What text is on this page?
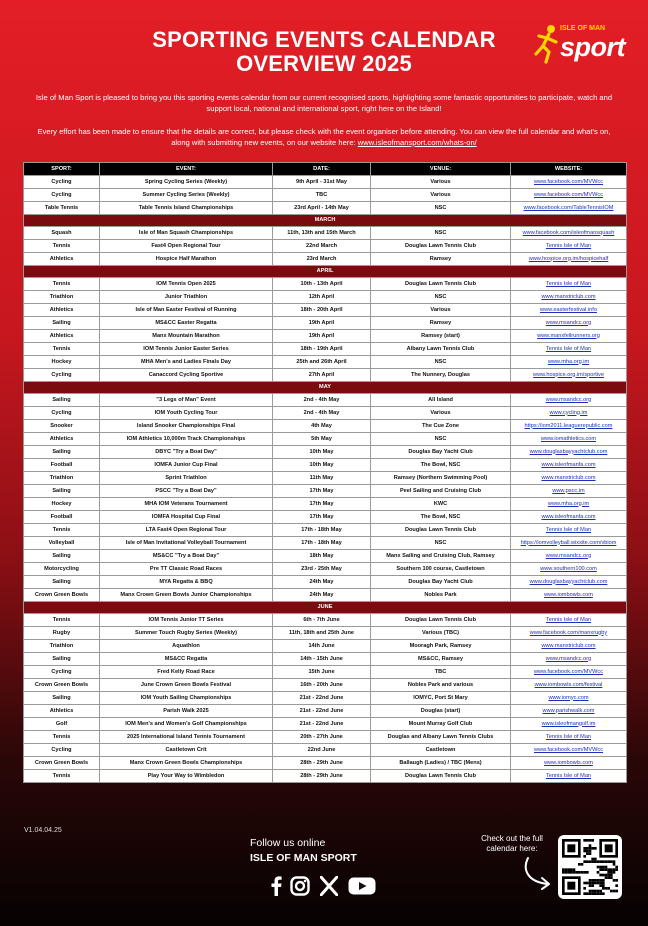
SPORTING EVENTS CALENDAR
OVERVIEW 2025
ISLE OF MAN
sport
Isle of Man Sport is pleased to bring you this sporting events calendar from our current recognised sports, highlighting some fantastic opportunities to participate, watch and support local, national and international sport, right here on the Island!
Every effort has been made to ensure that the details are correct, but please check with the event organiser before attending. You can view the full calendar and what's on, along with submitting new events, on our website here: www.isleofmansport.com/whats-on/
SPORT:	EVENT:	DATE:	VENUE:	WEBSITE:
Cycling	Spring Cycling Series (Weekly)	9th April - 31st May	Various	www.facebook.com/MVWcc
Cycling	Summer Cycling Series (Weekly)	TBC	Various	www.facebook.com/MVWcc
Table Tennis	Table Tennis Island Championships	23rd April - 14th May	NSC	www.facebook.com/TableTennisIOM
MARCH				
Squash	Isle of Man Squash Championships	11th, 13th and 15th March	NSC	www.facebook.com/isleofmansquash
Tennis	Fast4 Open Regional Tour	22nd March	Douglas Lawn Tennis Club	Tennis Isle of Man
Athletics	Hospice Half Marathon	23rd March	Ramsey	www.hospice.org.im/hospicehalf
APRIL				
Tennis	IOM Tennis Open 2025	10th - 13th April	Douglas Lawn Tennis Club	Tennis Isle of Man
Triathlon	Junior Triathlon	12th April	NSC	www.manxtriclub.com
Athletics	Isle of Man Easter Festival of Running	18th - 20th April	Various	www.easterfestival.info
Sailing	MS&CC Easter Regatta	19th April	Ramsey	www.msandcc.org
Athletics	Manx Mountain Marathon	19th April	Ramsey (start)	www.manxfellrunners.org
Tennis	IOM Tennis Junior Easter Series	18th - 19th April	Albany Lawn Tennis Club	Tennis Isle of Man
Hockey	MHA Men's and Ladies Finals Day	25th and 26th April	NSC	www.mha.org.im
Cycling	Canaccord Cycling Sportive	27th April	The Nunnery, Douglas	www.hospice.org.im/sportive
MAY				
Sailing	"3 Legs of Man" Event	2nd - 4th May	All Island	www.msandcc.org
Cycling	IOM Youth Cycling Tour	2nd - 4th May	Various	www.cycling.im
Snooker	Island Snooker Championships Final	4th May	The Cue Zone	https://iom2011.leaguerepublic.com
Athletics	IOM Athletics 10,000m Track Championships	5th May	NSC	www.iomathletics.com
Sailing	DBYC "Try a Boat Day"	10th May	Douglas Bay Yacht Club	www.douglasbayyachtclub.com
Football	IOMFA Junior Cup Final	10th May	The Bowl, NSC	www.isleofmanfa.com
Triathlon	Sprint Triathlon	11th May	Ramsey (Northern Swimming Pool)	www.manxtriclub.com
Sailing	PSCC "Try a Boat Day"	17th May	Peel Sailing and Cruising Club	www.pscc.im
Hockey	MHA IOM Veterans Tournament	17th May	KWC	www.mha.org.im
Football	IOMFA Hospital Cup Final	17th May	The Bowl, NSC	www.isleofmanfa.com
Tennis	LTA Fast4 Open Regional Tour	17th - 18th May	Douglas Lawn Tennis Club	Tennis Isle of Man
Volleyball	Isle of Man Invitational Volleyball Tournament	17th - 18th May	NSC	https://iomvolleyball.wixsite.com/vbiom
Sailing	MS&CC "Try a Boat Day"	18th May	Manx Sailing and Cruising Club, Ramsey	www.msandcc.org
Motorcycling	Pre TT Classic Road Races	23rd - 25th May	Southern 100 course, Castletown	www.southern100.com
Sailing	MYA Regatta & BBQ	24th May	Douglas Bay Yacht Club	www.douglasbayyachtclub.com
Crown Green Bowls	Manx Crown Green Bowls Junior Championships	24th May	Nobles Park	www.iombowls.com
JUNE				
Tennis	IOM Tennis Junior TT Series	6th - 7th June	Douglas Lawn Tennis Club	Tennis Isle of Man
Rugby	Summer Touch Rugby Series (Weekly)	11th, 18th and 25th June	Various (TBC)	www.facebook.com/manxrugby
Triathlon	Aquathlon	14th June	Mooragh Park, Ramsey	www.manxtriclub.com
Sailing	MS&CC Regatta	14th - 15th June	MS&CC, Ramsey	www.msandcc.org
Cycling	Fred Kelly Road Race	15th June	TBC	www.facebook.com/MVWcc
Crown Green Bowls	June Crown Green Bowls Festival	16th - 20th June	Nobles Park and various	www.iombowls.com/festival
Sailing	IOM Youth Sailing Championships	21st - 22nd June	IOMYC, Port St Mary	www.iomyc.com
Athletics	Parish Walk 2025	21st - 22nd June	Douglas (start)	www.parishwalk.com
Golf	IOM Men's and Women's Golf Championships	21st - 22nd June	Mount Murray Golf Club	www.isleofmangolf.im
Tennis	2025 International Island Tennis Tournament	20th - 27th June	Douglas and Albany Lawn Tennis Clubs	Tennis Isle of Man
Cycling	Castletown Crit	22nd June	Castletown	www.facebook.com/MVWcc
Crown Green Bowls	Manx Crown Green Bowls Championships	28th - 29th June	Ballaugh (Ladies) / TBC (Mens)	www.iombowls.com
Tennis	Play Your Way to Wimbledon	28th - 29th June	Douglas Lawn Tennis Club	Tennis Isle of Man
V1.04.04.25
Follow us online
ISLE OF MAN SPORT
Check out the full calendar here:
